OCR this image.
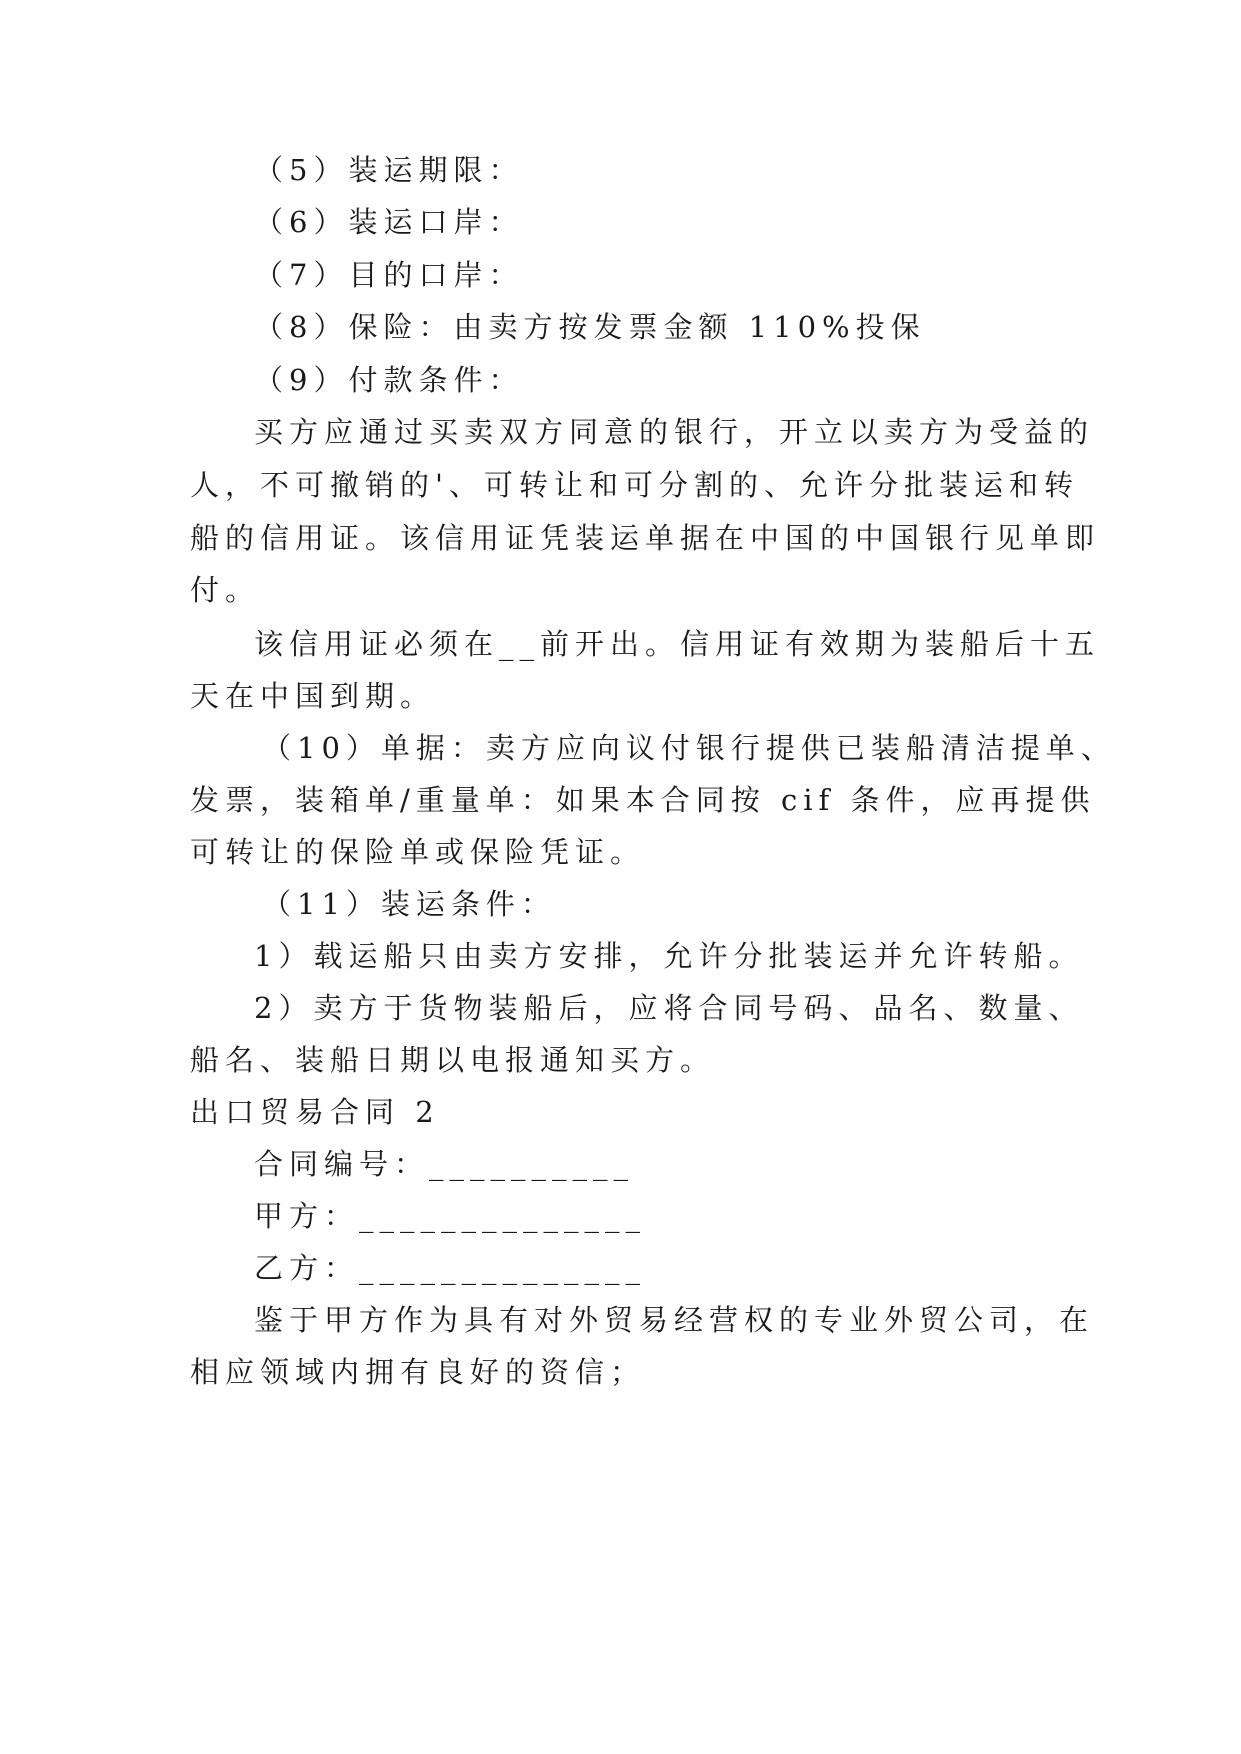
（5）装运期限：
（6）装运口岸：
（7）目的口岸：
（8）保险：由卖方按发票金额 110%投保
（9）付款条件：
买方应通过买卖双方同意的银行，开立以卖方为受益的
人，不可撤销的'、可转让和可分割的、允许分批装运和转
船的信用证。该信用证凭装运单据在中国的中国银行见单即
付。
该信用证必须在__前开出。信用证有效期为装船后十五
天在中国到期。
（10）单据：卖方应向议付银行提供已装船清洁提单、
发票，装箱单/重量单：如果本合同按 cif 条件，应再提供
可转让的保险单或保险凭证。
（11）装运条件：
1）载运船只由卖方安排，允许分批装运并允许转船。
2）卖方于货物装船后，应将合同号码、品名、数量、
船名、装船日期以电报通知买方。
出口贸易合同 2
合同编号：__________
甲方：______________
乙方：______________
鉴于甲方作为具有对外贸易经营权的专业外贸公司，在
相应领域内拥有良好的资信；
